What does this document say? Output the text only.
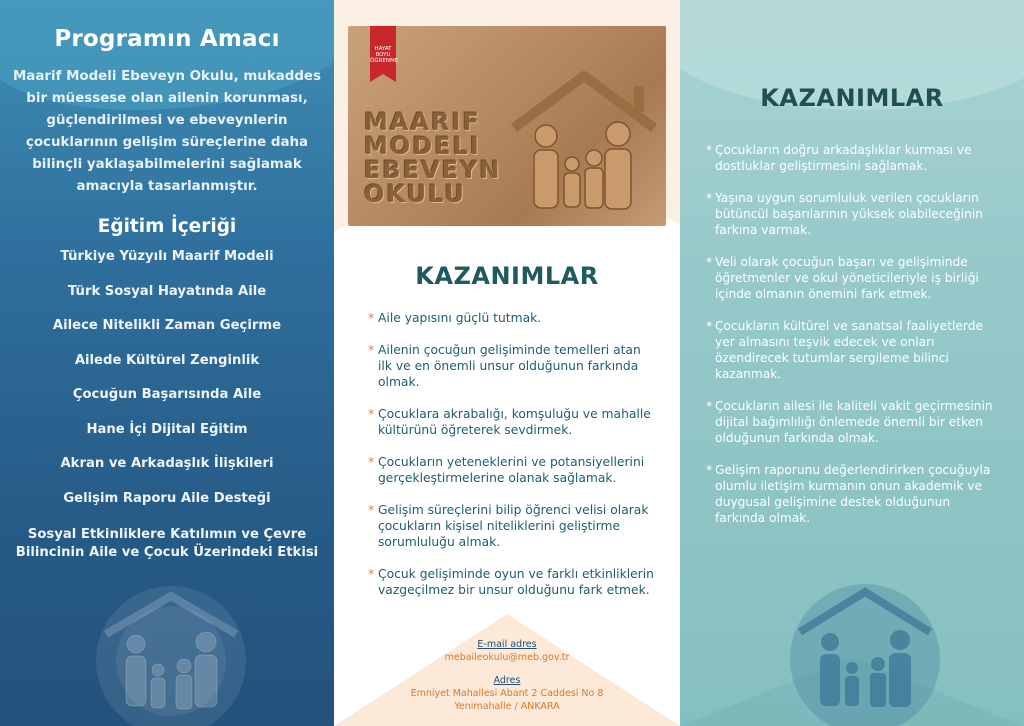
Programın Amacı
Maarif Modeli Ebeveyn Okulu, mukaddes bir müessese olan ailenin korunması, güçlendirilmesi ve ebeveynlerin çocuklarının gelişim süreçlerine daha bilinçli yaklaşabilmelerini sağlamak amacıyla tasarlanmıştır.
Eğitim İçeriği
Türkiye Yüzyılı Maarif Modeli
Türk Sosyal Hayatında Aile
Ailece Nitelikli Zaman Geçirme
Ailede Kültürel Zenginlik
Çocuğun Başarısında Aile
Hane İçi Dijital Eğitim
Akran ve Arkadaşlık İlişkileri
Gelişim Raporu Aile Desteği
Sosyal Etkinliklere Katılımın ve Çevre Bilincinin Aile ve Çocuk Üzerindeki Etkisi
HAYAT BOYU ÖĞRENME
MAARIF
MODELI
EBEVEYN
OKULU
KAZANIMLAR
* Aile yapısını güçlü tutmak.
* Ailenin çocuğun gelişiminde temelleri atan ilk ve en önemli unsur olduğunun farkında olmak.
* Çocuklara akrabalığı, komşuluğu ve mahalle kültürünü öğreterek sevdirmek.
* Çocukların yeteneklerini ve potansiyellerini gerçekleştirmelerine olanak sağlamak.
* Gelişim süreçlerini bilip öğrenci velisi olarak çocukların kişisel niteliklerini geliştirme sorumluluğu almak.
* Çocuk gelişiminde oyun ve farklı etkinliklerin vazgeçilmez bir unsur olduğunu fark etmek.
E-mail adres
mebaileokulu@meb.gov.tr
Adres
Emniyet Mahallesi Abant 2 Caddesi No 8
Yenimahalle / ANKARA
KAZANIMLAR
* Çocukların doğru arkadaşlıklar kurması ve dostluklar geliştirmesini sağlamak.
* Yaşına uygun sorumluluk verilen çocukların bütüncül başarılarının yüksek olabileceğinin farkına varmak.
* Veli olarak çocuğun başarı ve gelişiminde öğretmenler ve okul yöneticileriyle iş birliği içinde olmanın önemini fark etmek.
* Çocukların kültürel ve sanatsal faaliyetlerde yer almasını teşvik edecek ve onları özendirecek tutumlar sergileme bilinci kazanmak.
* Çocukların ailesi ile kaliteli vakit geçirmesinin dijital bağımlılığı önlemede önemli bir etken olduğunun farkında olmak.
* Gelişim raporunu değerlendirirken çocuğuyla olumlu iletişim kurmanın onun akademik ve duygusal gelişimine destek olduğunun farkında olmak.
